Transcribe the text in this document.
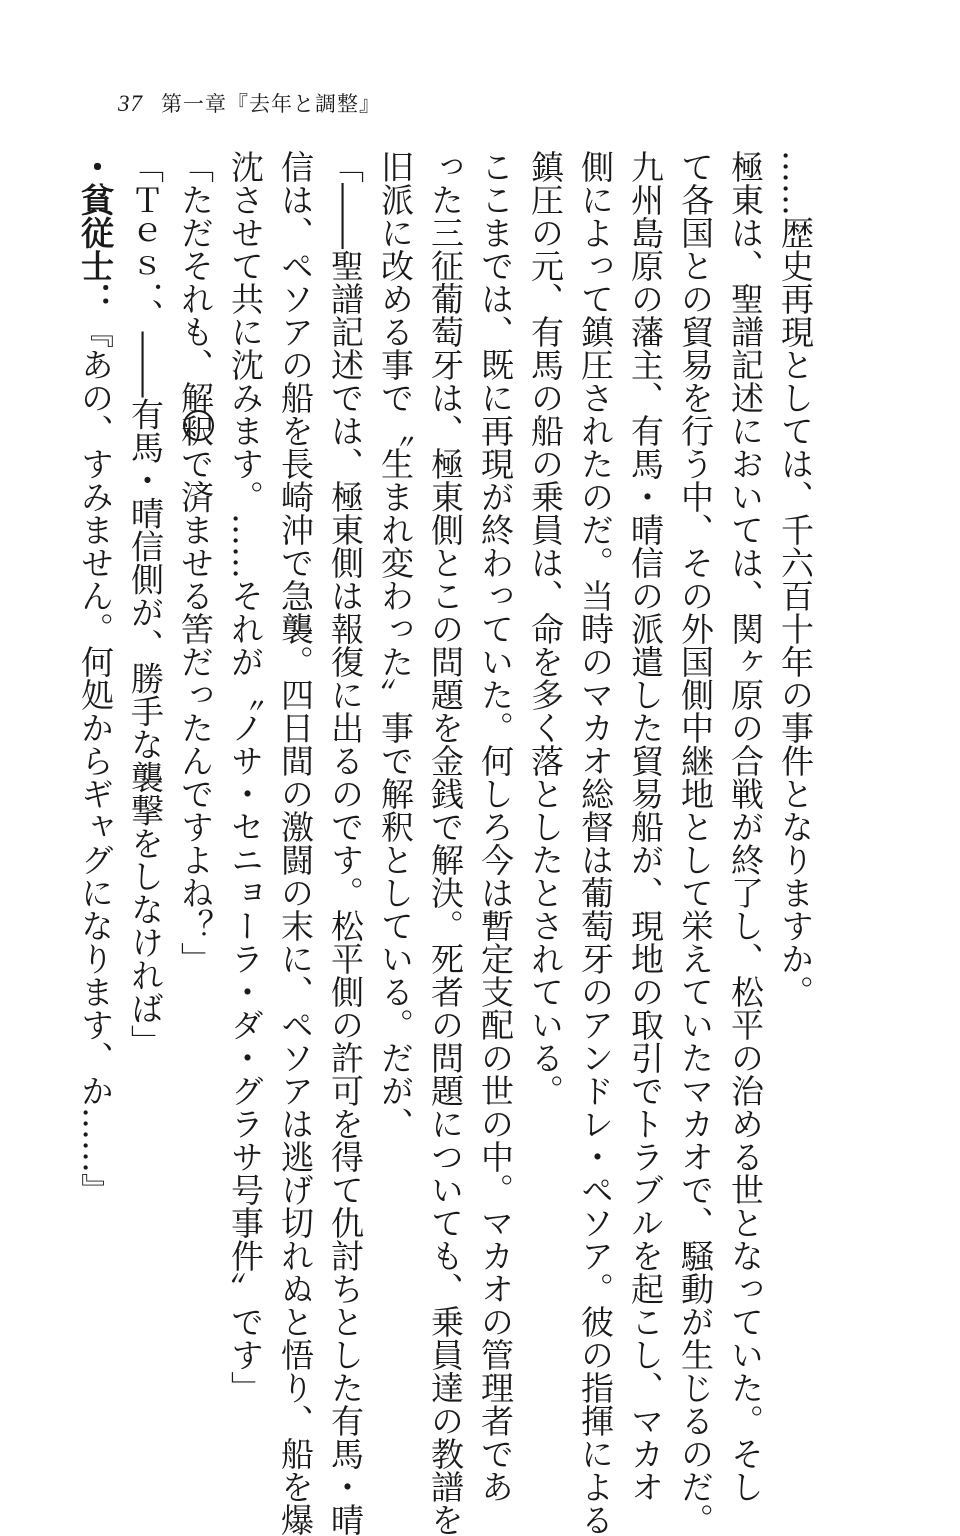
37 第一章『去年と調整』
……歴史再現としては、千六百十年の事件となりますか。
極東は、聖譜記述においては、関ヶ原の合戦が終了し、松平の治める世となっていた。そし
て各国との貿易を行う中、その外国側中継地として栄えていたマカオで、騒動が生じるのだ。
九州島原の藩主、有馬・晴信の派遣した貿易船が、現地の取引でトラブルを起こし、マカオ
側によって鎮圧されたのだ。当時のマカオ総督は葡萄牙のアンドレ・ペソア。彼の指揮による
鎮圧の元、有馬の船の乗員は、命を多く落としたとされている。
ここまでは、既に再現が終わっていた。何しろ今は暫定支配の世の中。マカオの管理者であ
った三征葡萄牙は、極東側とこの問題を金銭で解決。死者の問題についても、乗員達の教譜を
旧派に改める事で〝生まれ変わった〟事で解釈としている。だが、
「――聖譜記述では、極東側は報復に出るのです。松平側の許可を得て仇討ちとした有馬・晴
信は、ペソアの船を長崎沖で急襲。四日間の激闘の末に、ペソアは逃げ切れぬと悟り、船を爆
沈させて共に沈みます。……それが〝ノサ・セニョーラ・ダ・グラサ号事件〟です」
「ただそれも、解釈で済ませる筈だったんですよね？」
「Ｔｅｓ．、――有馬・晴信側が、勝手な襲撃をしなければ」
・貧従士：『あの、すみません。何処からギャグになります、か……』
